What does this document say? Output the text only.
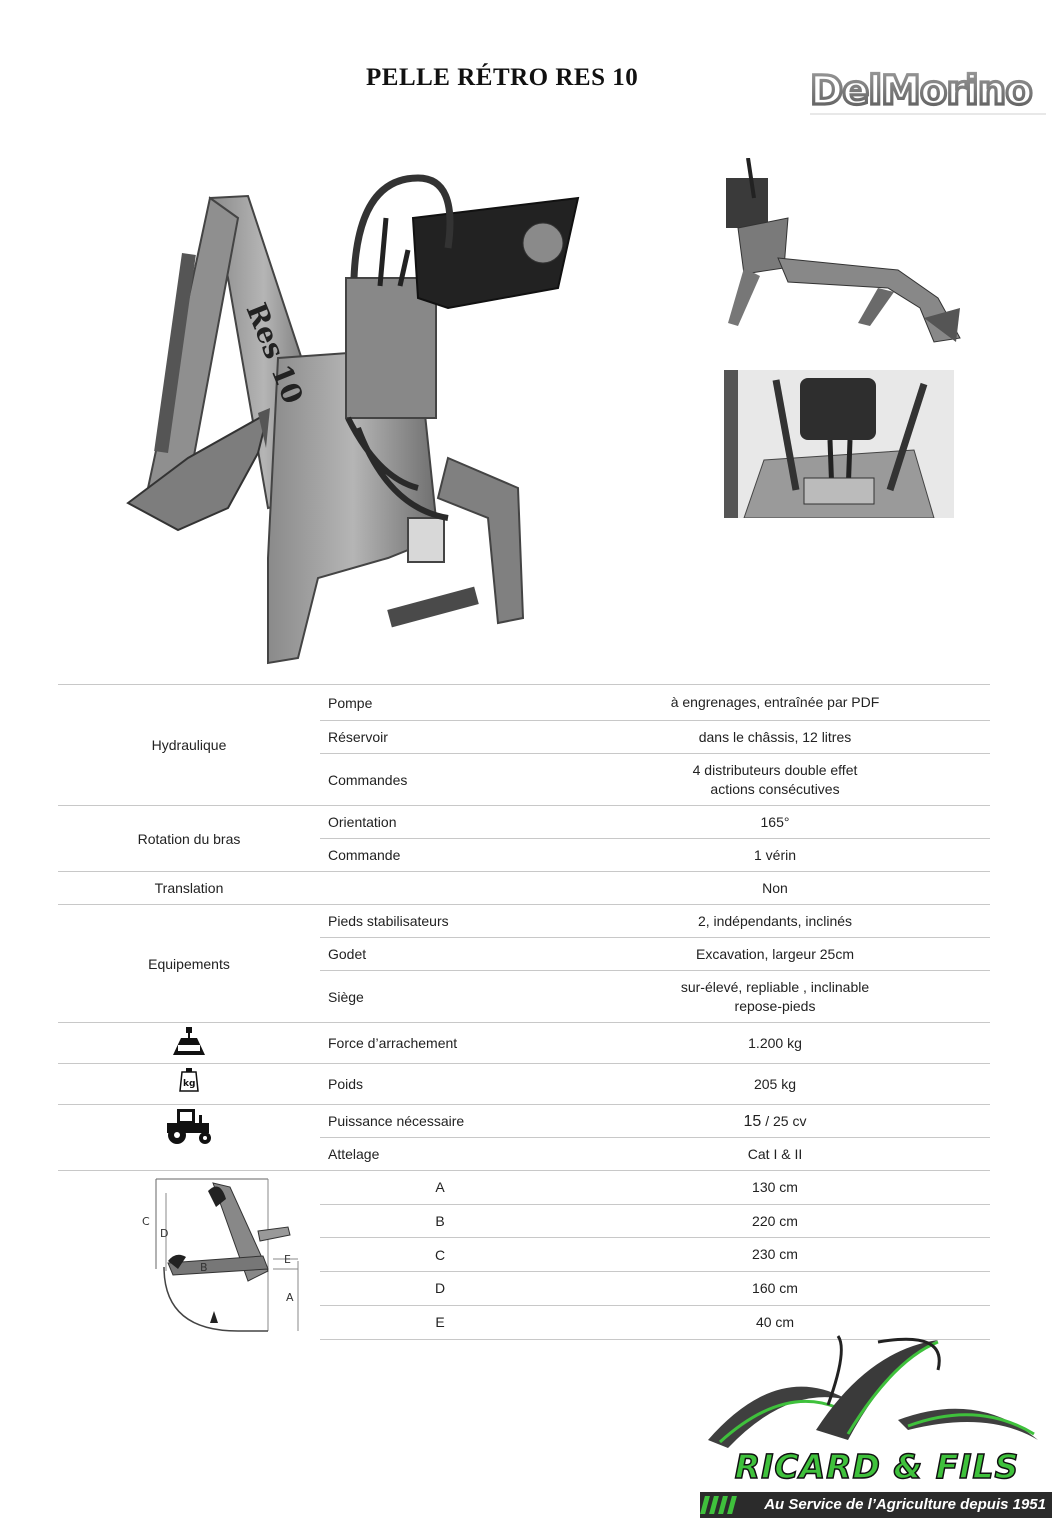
PELLE RÉTRO RES 10	DelMorino
Res 10
Hydraulique	Pompe	à engrenages, entraînée par PDF
	Réservoir	dans le châssis, 12 litres
	Commandes	4 distributeurs double effet
actions consécutives

Rotation du bras	Orientation	165°
	Commande	1 vérin
Translation		Non
Equipements	Pieds stabilisateurs	2, indépendants, inclinés
	Godet	Excavation, largeur 25cm
	Siège	sur-élevé, repliable , inclinable
repose-pieds

	Force d’arrachement	1.200 kg

kg	Poids	205 kg
	Puissance nécessaire	15 / 25 cv
	Attelage	Cat I & II

C
D
B
E
A	A	130 cm
	B	220 cm
	C	230 cm
	D	160 cm
	E	40 cm
RICARD & FILS
Au Service de l’Agriculture depuis 1951
